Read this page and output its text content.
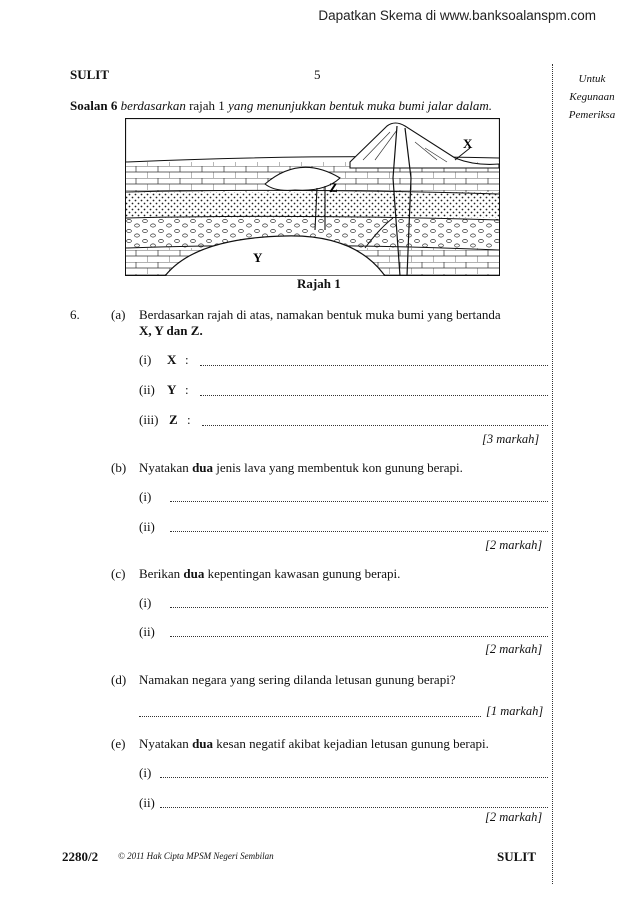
Dapatkan Skema di www.banksoalanspm.com
SULIT	5	Untuk
Kegunaan
Pemeriksa
Soalan 6 berdasarkan rajah 1 yang menunjukkan bentuk muka bumi jalar dalam.
X
Y
Z
Rajah 1
6. (a) Berdasarkan rajah di atas, namakan bentuk muka bumi yang bertanda
X, Y dan Z.
(i) X :
(ii) Y :
(iii) Z :
[3 markah]
(b) Nyatakan dua jenis lava yang membentuk kon gunung berapi.
(i)
(ii)
[2 markah]
(c) Berikan dua kepentingan kawasan gunung berapi.
(i)
(ii)
[2 markah]
(d) Namakan negara yang sering dilanda letusan gunung berapi?
[1 markah]
(e) Nyatakan dua kesan negatif akibat kejadian letusan gunung berapi.
(i)
(ii)
[2 markah]
2280/2 © 2011 Hak Cipta MPSM Negeri Sembilan	SULIT
